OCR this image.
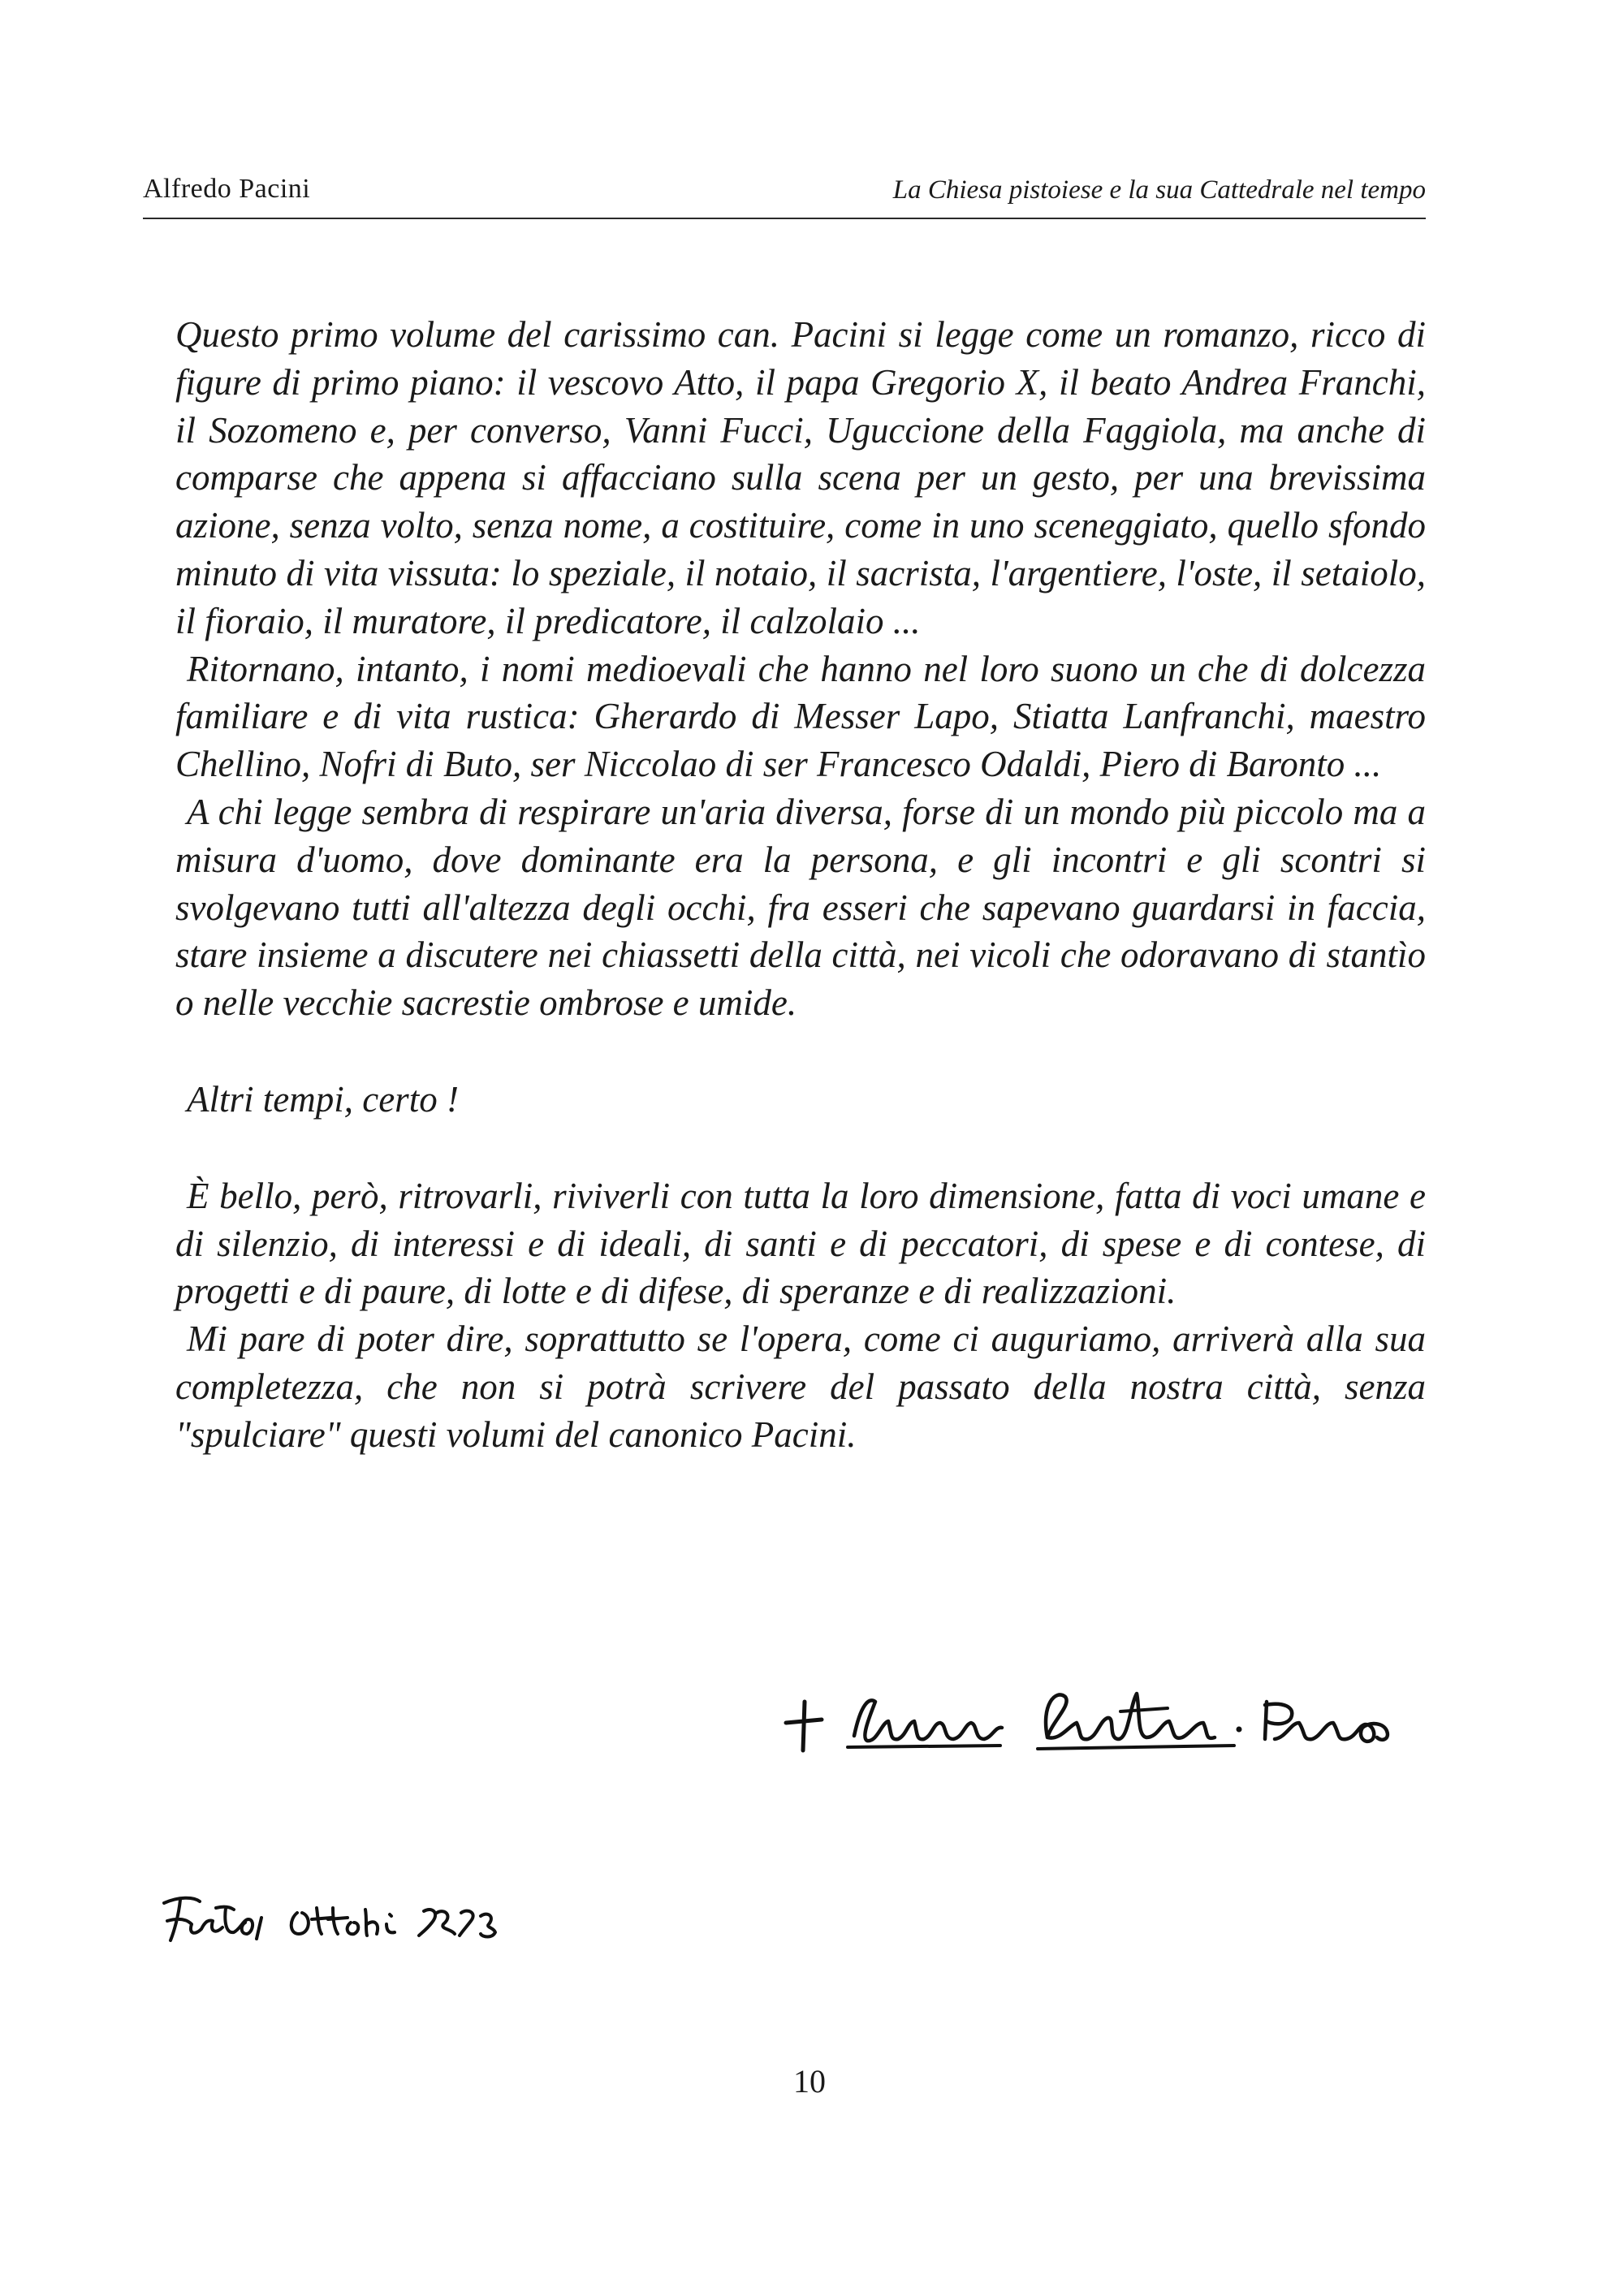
Alfredo Pacini	La Chiesa pistoiese e la sua Cattedrale nel tempo

Questo primo volume del carissimo can. Pacini si legge come un romanzo, ricco di figure di primo piano: il vescovo Atto, il papa Gregorio X, il beato Andrea Franchi, il Sozomeno e, per converso, Vanni Fucci, Uguccione della Faggiola, ma anche di comparse che appena si affacciano sulla scena per un gesto, per una brevissima azione, senza volto, senza nome, a costituire, come in uno sceneggiato, quello sfondo minuto di vita vissuta: lo speziale, il notaio, il sacrista, l'argentiere, l'oste, il setaiolo, il fioraio, il muratore, il predicatore, il calzolaio ...

Ritornano, intanto, i nomi medioevali che hanno nel loro suono un che di dolcezza familiare e di vita rustica: Gherardo di Messer Lapo, Stiatta Lanfranchi, maestro Chellino, Nofri di Buto, ser Niccolao di ser Francesco Odaldi, Piero di Baronto ...

A chi legge sembra di respirare un'aria diversa, forse di un mondo più piccolo ma a misura d'uomo, dove dominante era la persona, e gli incontri e gli scontri si svolgevano tutti all'altezza degli occhi, fra esseri che sapevano guardarsi in faccia, stare insieme a discutere nei chiassetti della città, nei vicoli che odoravano di stantìo o nelle vecchie sacrestie ombrose e umide.

Altri tempi, certo !

È bello, però, ritrovarli, riviverli con tutta la loro dimensione, fatta di voci umane e di silenzio, di interessi e di ideali, di santi e di peccatori, di spese e di contese, di progetti e di paure, di lotte e di difese, di speranze e di realizzazioni.

Mi pare di poter dire, soprattutto se l'opera, come ci auguriamo, arriverà alla sua completezza, che non si potrà scrivere del passato della nostra città, senza "spulciare" questi volumi del canonico Pacini.

10
